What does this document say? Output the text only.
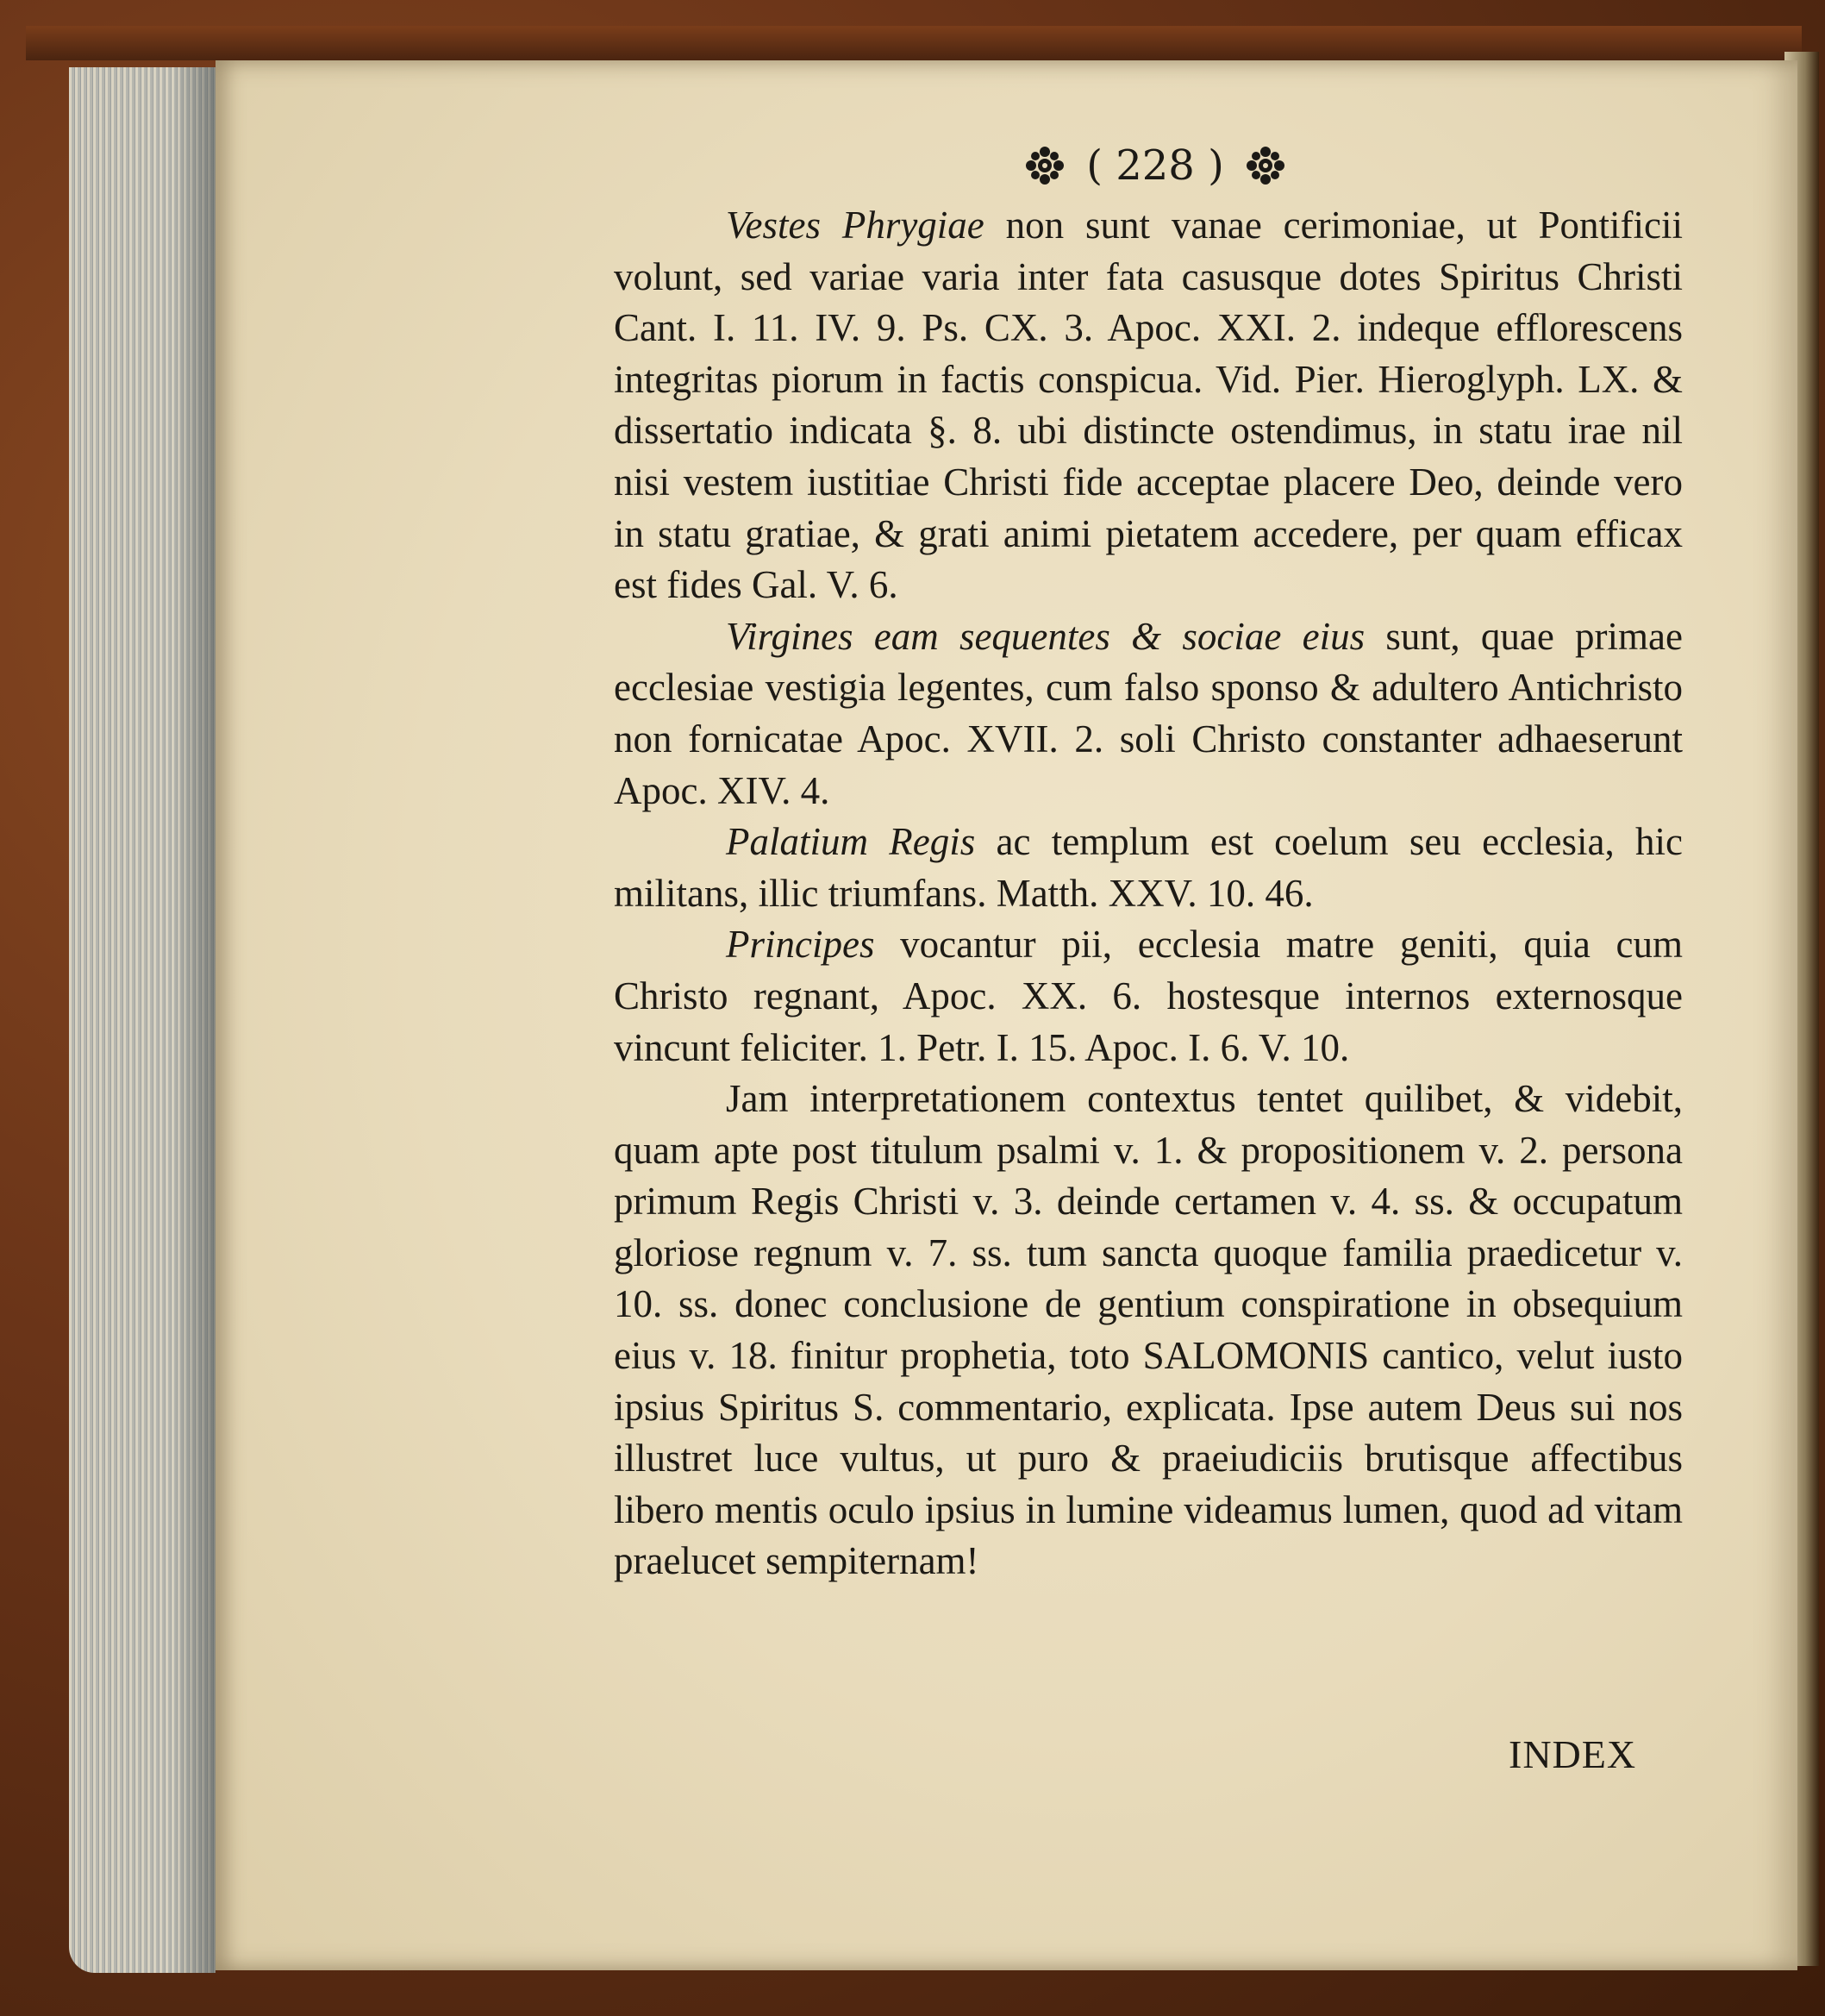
( 228 )

Vestes Phrygiae non sunt vanae cerimoniae, ut Pontificii volunt, sed variae varia inter fata casusque dotes Spiritus Christi Cant. I. 11. IV. 9. Ps. CX. 3. Apoc. XXI. 2. indeque efflorescens integritas piorum in factis conspicua. Vid. Pier. Hieroglyph. LX. & dissertatio indicata §. 8. ubi distincte ostendimus, in statu irae nil nisi vestem iustitiae Christi fide acceptae placere Deo, deinde vero in statu gratiae, & grati animi pietatem accedere, per quam efficax est fides Gal. V. 6.

Virgines eam sequentes & sociae eius sunt, quae primae ecclesiae vestigia legentes, cum falso sponso & adultero Antichristo non fornicatae Apoc. XVII. 2. soli Christo constanter adhaeserunt Apoc. XIV. 4.

Palatium Regis ac templum est coelum seu ecclesia, hic militans, illic triumfans. Matth. XXV. 10. 46.

Principes vocantur pii, ecclesia matre geniti, quia cum Christo regnant, Apoc. XX. 6. hostesque internos externosque vincunt feliciter. 1. Petr. I. 15. Apoc. I. 6. V. 10.

Jam interpretationem contextus tentet quilibet, & videbit, quam apte post titulum psalmi v. 1. & propositionem v. 2. persona primum Regis Christi v. 3. deinde certamen v. 4. ss. & occupatum gloriose regnum v. 7. ss. tum sancta quoque familia praedicetur v. 10. ss. donec conclusione de gentium conspiratione in obsequium eius v. 18. finitur prophetia, toto SALOMONIS cantico, velut iusto ipsius Spiritus S. commentario, explicata. Ipse autem Deus sui nos illustret luce vultus, ut puro & praeiudiciis brutisque affectibus libero mentis oculo ipsius in lumine videamus lumen, quod ad vitam praelucet sempiternam!

INDEX
